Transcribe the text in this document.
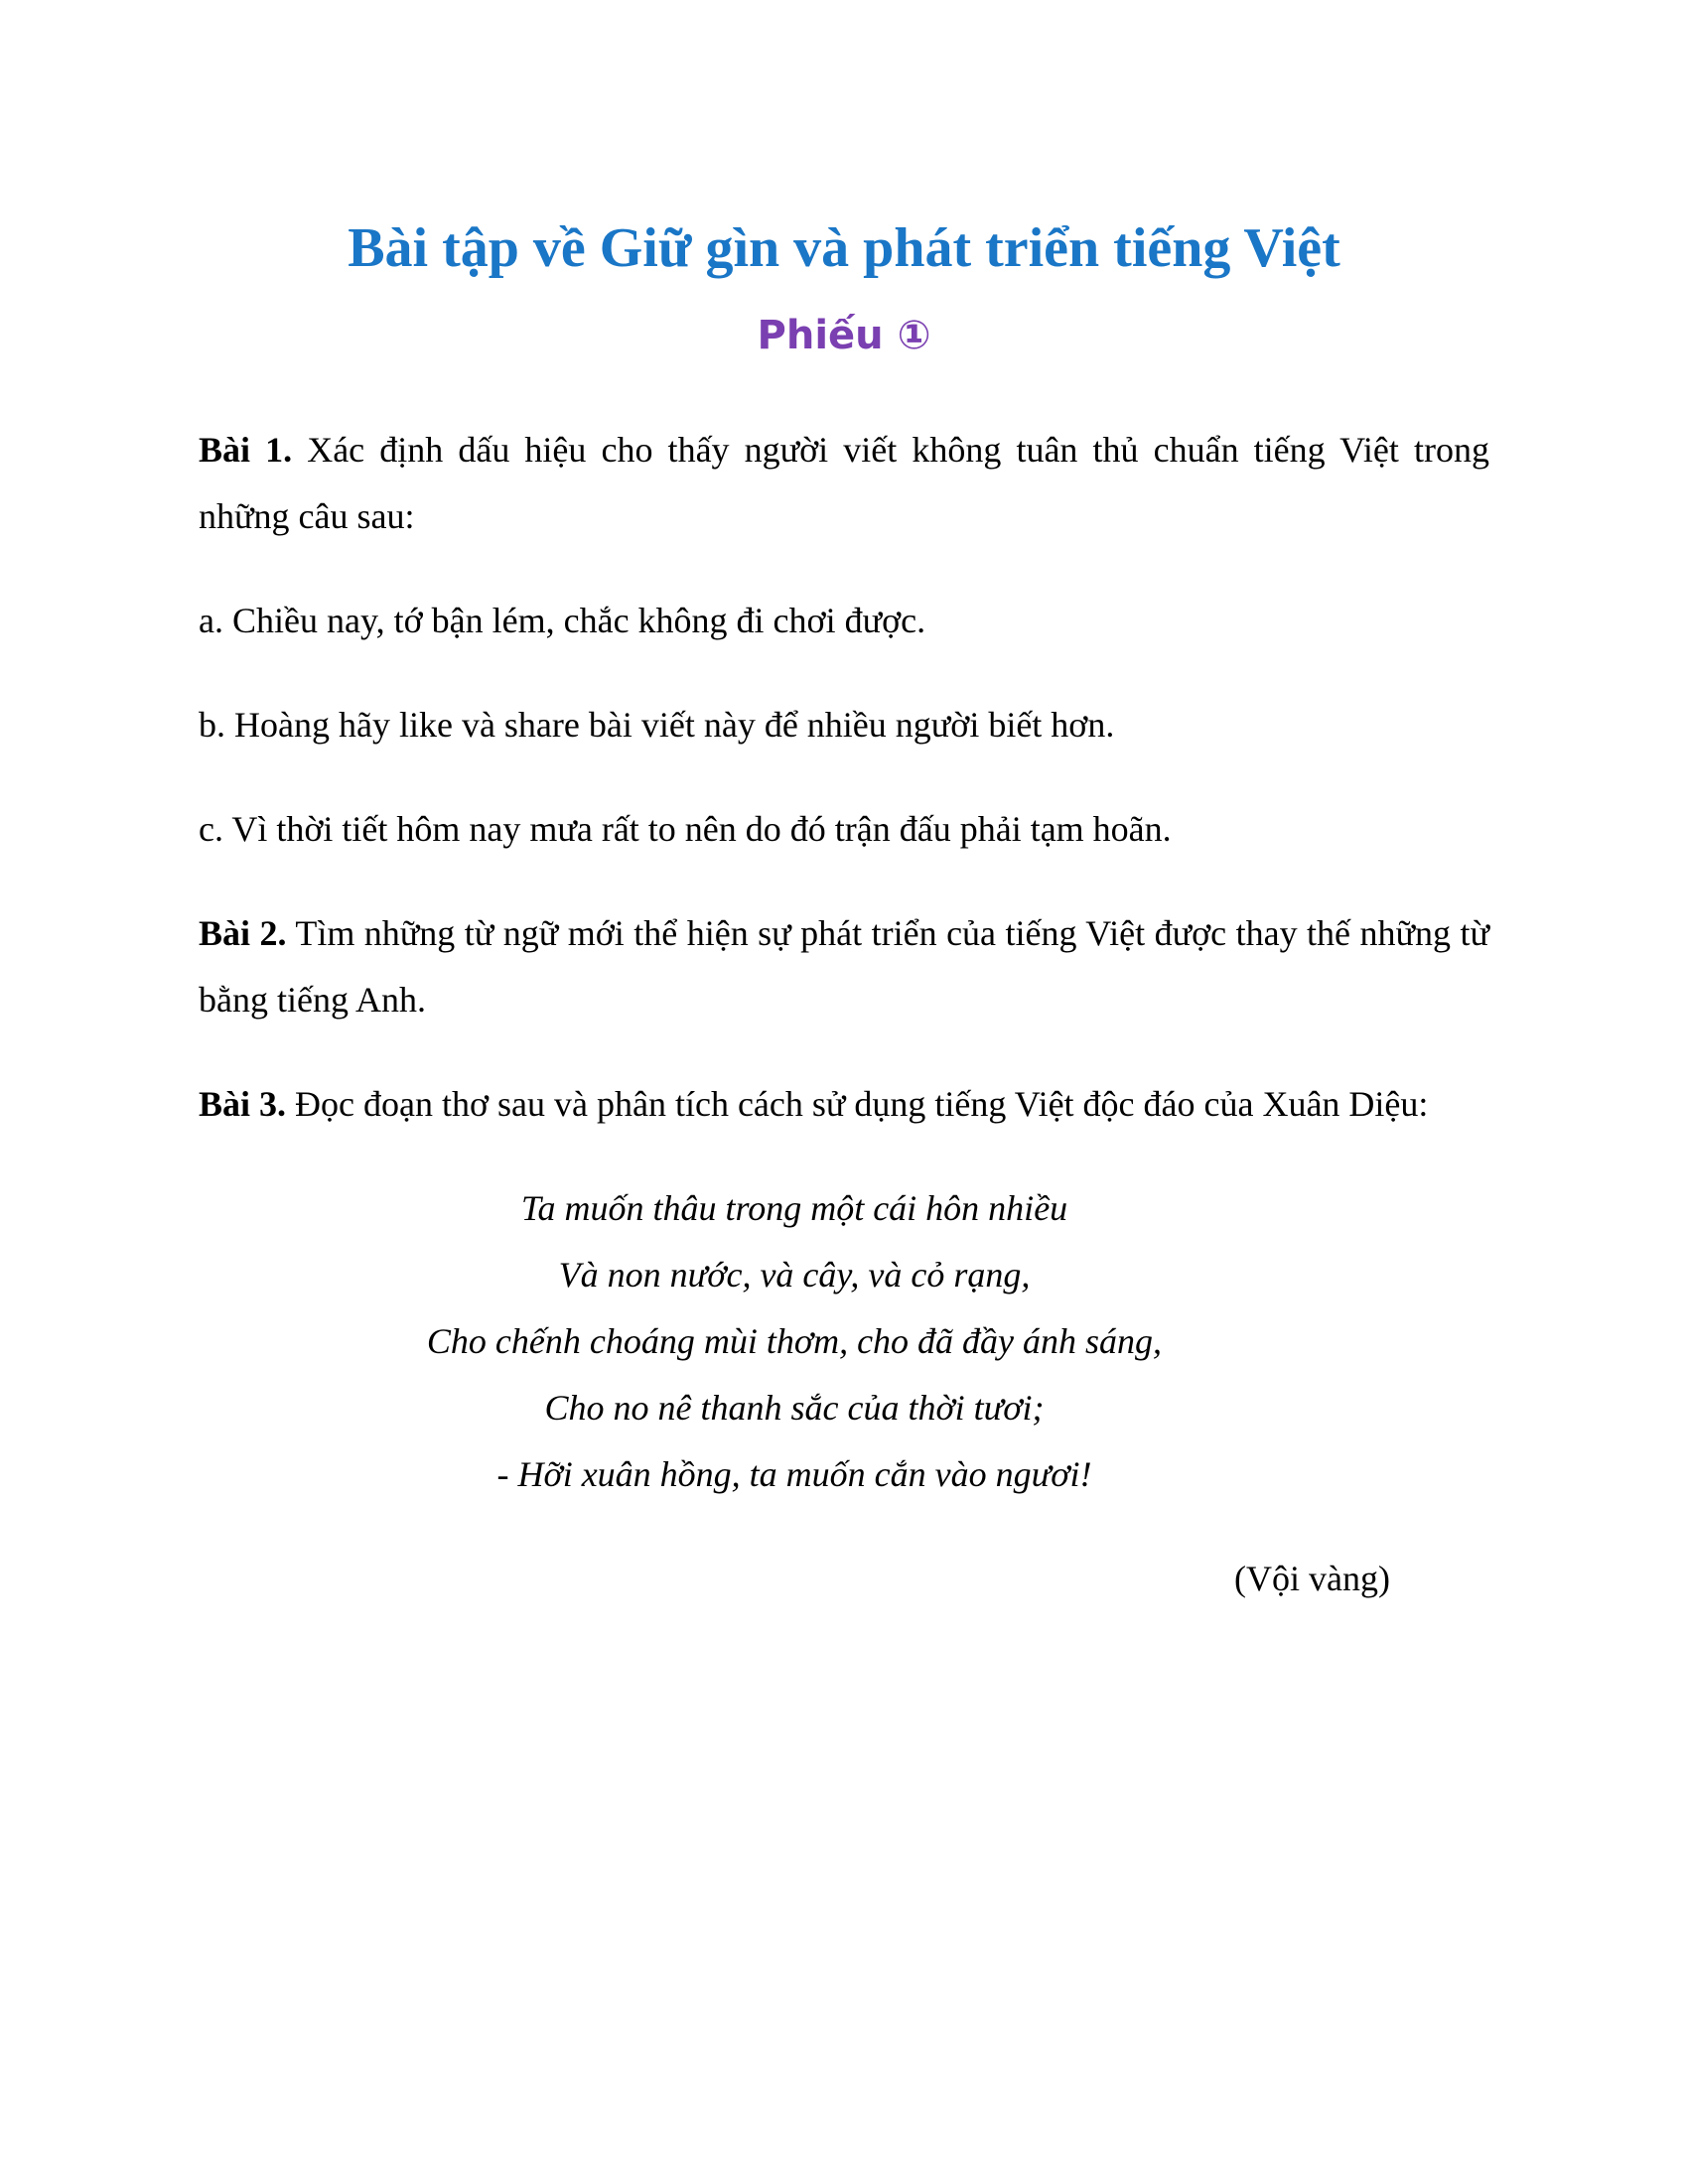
Bài tập về Giữ gìn và phát triển tiếng Việt
Phiếu ①

Bài 1. Xác định dấu hiệu cho thấy người viết không tuân thủ chuẩn tiếng Việt trong những câu sau:

a. Chiều nay, tớ bận lém, chắc không đi chơi được.

b. Hoàng hãy like và share bài viết này để nhiều người biết hơn.

c. Vì thời tiết hôm nay mưa rất to nên do đó trận đấu phải tạm hoãn.

Bài 2. Tìm những từ ngữ mới thể hiện sự phát triển của tiếng Việt được thay thế những từ bằng tiếng Anh.

Bài 3. Đọc đoạn thơ sau và phân tích cách sử dụng tiếng Việt độc đáo của Xuân Diệu:

Ta muốn thâu trong một cái hôn nhiều
Và non nước, và cây, và cỏ rạng,
Cho chếnh choáng mùi thơm, cho đã đầy ánh sáng,
Cho no nê thanh sắc của thời tươi;
- Hỡi xuân hồng, ta muốn cắn vào ngươi!
(Vội vàng)
